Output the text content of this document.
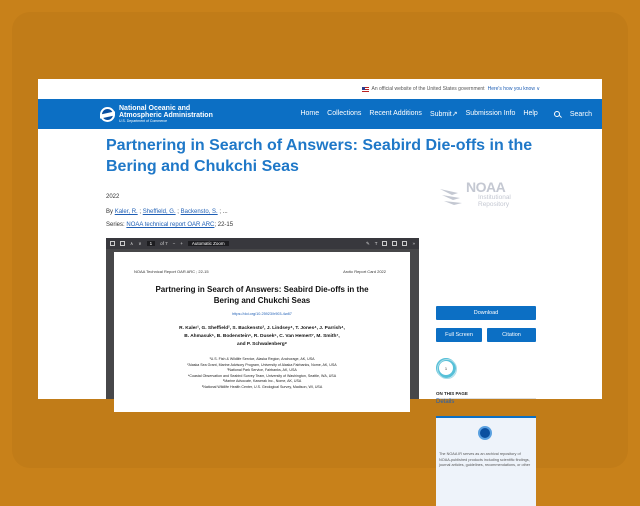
An official website of the United States government Here's how you know ∨
National Oceanic and
Atmospheric Administration
U.S. Department of Commerce
Home Collections Recent Additions Submit↗ Submission Info Help	Search
Partnering in Search of Answers: Seabird Die-offs in the Bering and Chukchi Seas
2022
By Kaler, R. ; Sheffield, G. ; Backensto, S. ; ...
Series: NOAA technical report OAR ARC; 22-15
∧ ∨	1	of 7 − +	Automatic Zoom	✎ T	»
NOAA Technical Report OAR ARC ; 22-15	Arctic Report Card 2022
Partnering in Search of Answers: Seabird Die-offs in the
Bering and Chukchi Seas
https://doi.org/10.25923/h903-4w87
R. Kaler¹, G. Sheffield², S. Backensto³, J. Lindsey⁴, T. Jones⁴, J. Parrish⁴,
B. Ahmasuk⁵, B. Bodenstein⁶, R. Dusek⁶, C. Van Hemert⁷, M. Smith⁷,
and P. Schwalenberg⁸
¹U.S. Fish & Wildlife Service, Alaska Region, Anchorage, AK, USA
²Alaska Sea Grant, Marine Advisory Program, University of Alaska Fairbanks, Nome, AK, USA
³National Park Service, Fairbanks, AK, USA
⁴Coastal Observation and Seabird Survey Team, University of Washington, Seattle, WA, USA
⁵Marine Advocate, Kawerak Inc., Nome, AK, USA
⁶National Wildlife Health Center, U.S. Geological Survey, Madison, WI, USA
NOAA
Institutional
Repository
Download
Full Screen	Citation
1
ON THIS PAGE
Details
The NOAA IR serves as an archival repository of NOAA-published products including scientific findings, journal articles, guidelines, recommendations, or other
